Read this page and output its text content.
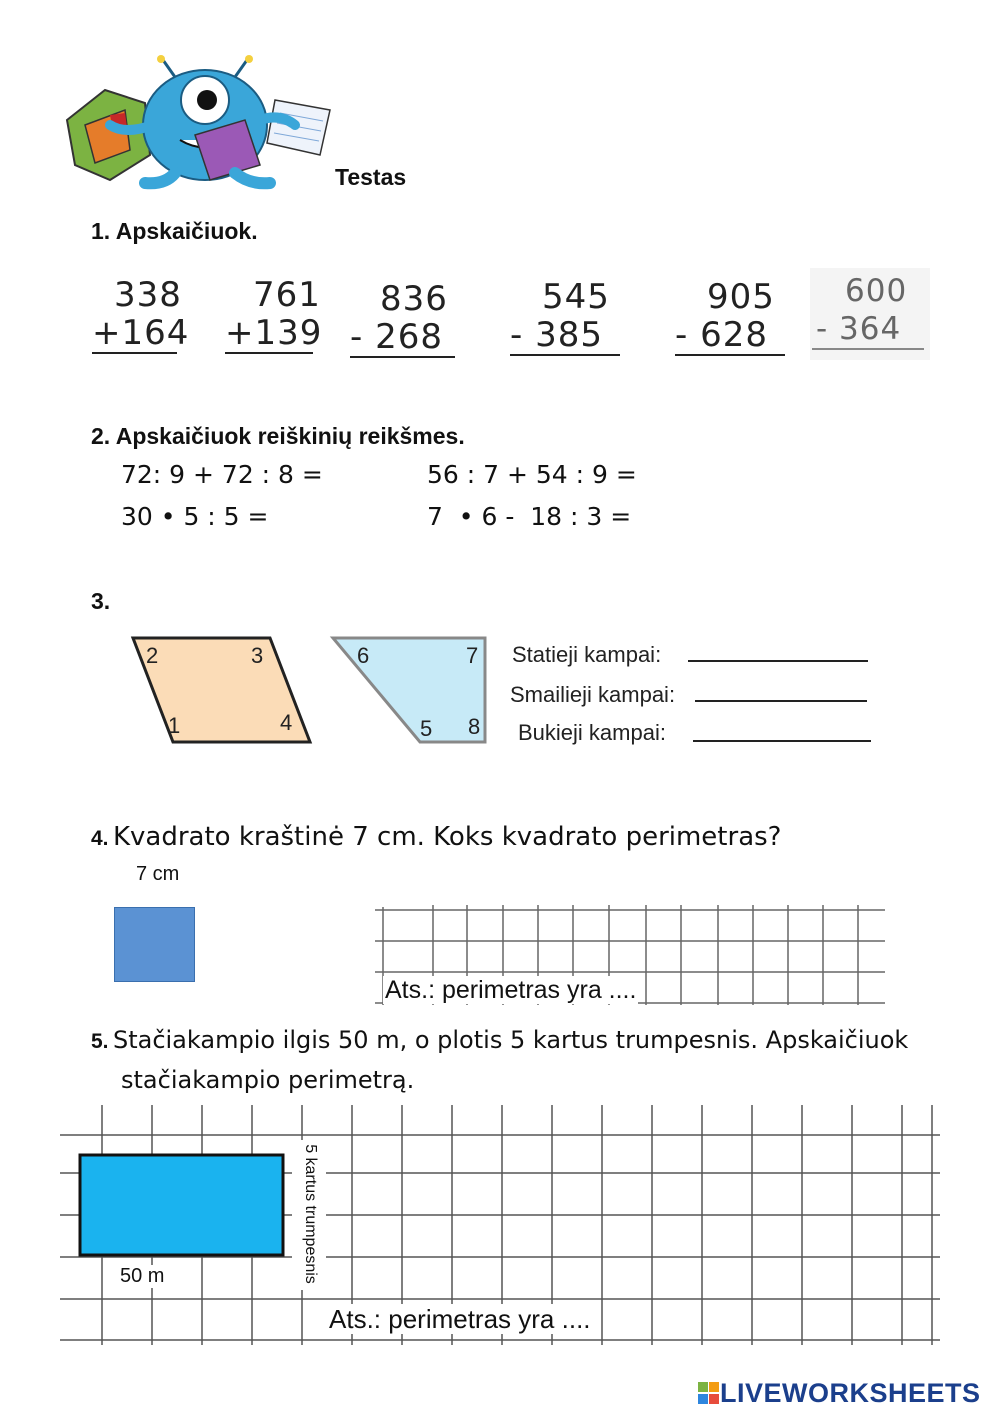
Testas
1. Apskaičiuok.
338
+164
761
+139
836
- 268
545
- 385
905
- 628
600
- 364
2. Apskaičiuok reiškinių reikšmes.
72: 9 + 72 : 8 =	56 : 7 + 54 : 9 =
30 • 5 : 5 =	7  • 6 -  18 : 3 =
3.
2	3
1	4
6	7
5 8
Statieji kampai:
Smailieji kampai:
Bukieji kampai:
4. Kvadrato kraštinė 7 cm. Koks kvadrato perimetras?
7 cm
Ats.: perimetras yra ....
5. Stačiakampio ilgis 50 m, o plotis 5 kartus trumpesnis. Apskaičiuok
stačiakampio perimetrą.
50 m	5 kartus trumpesnis
Ats.: perimetras yra ....
LIVEWORKSHEETS
